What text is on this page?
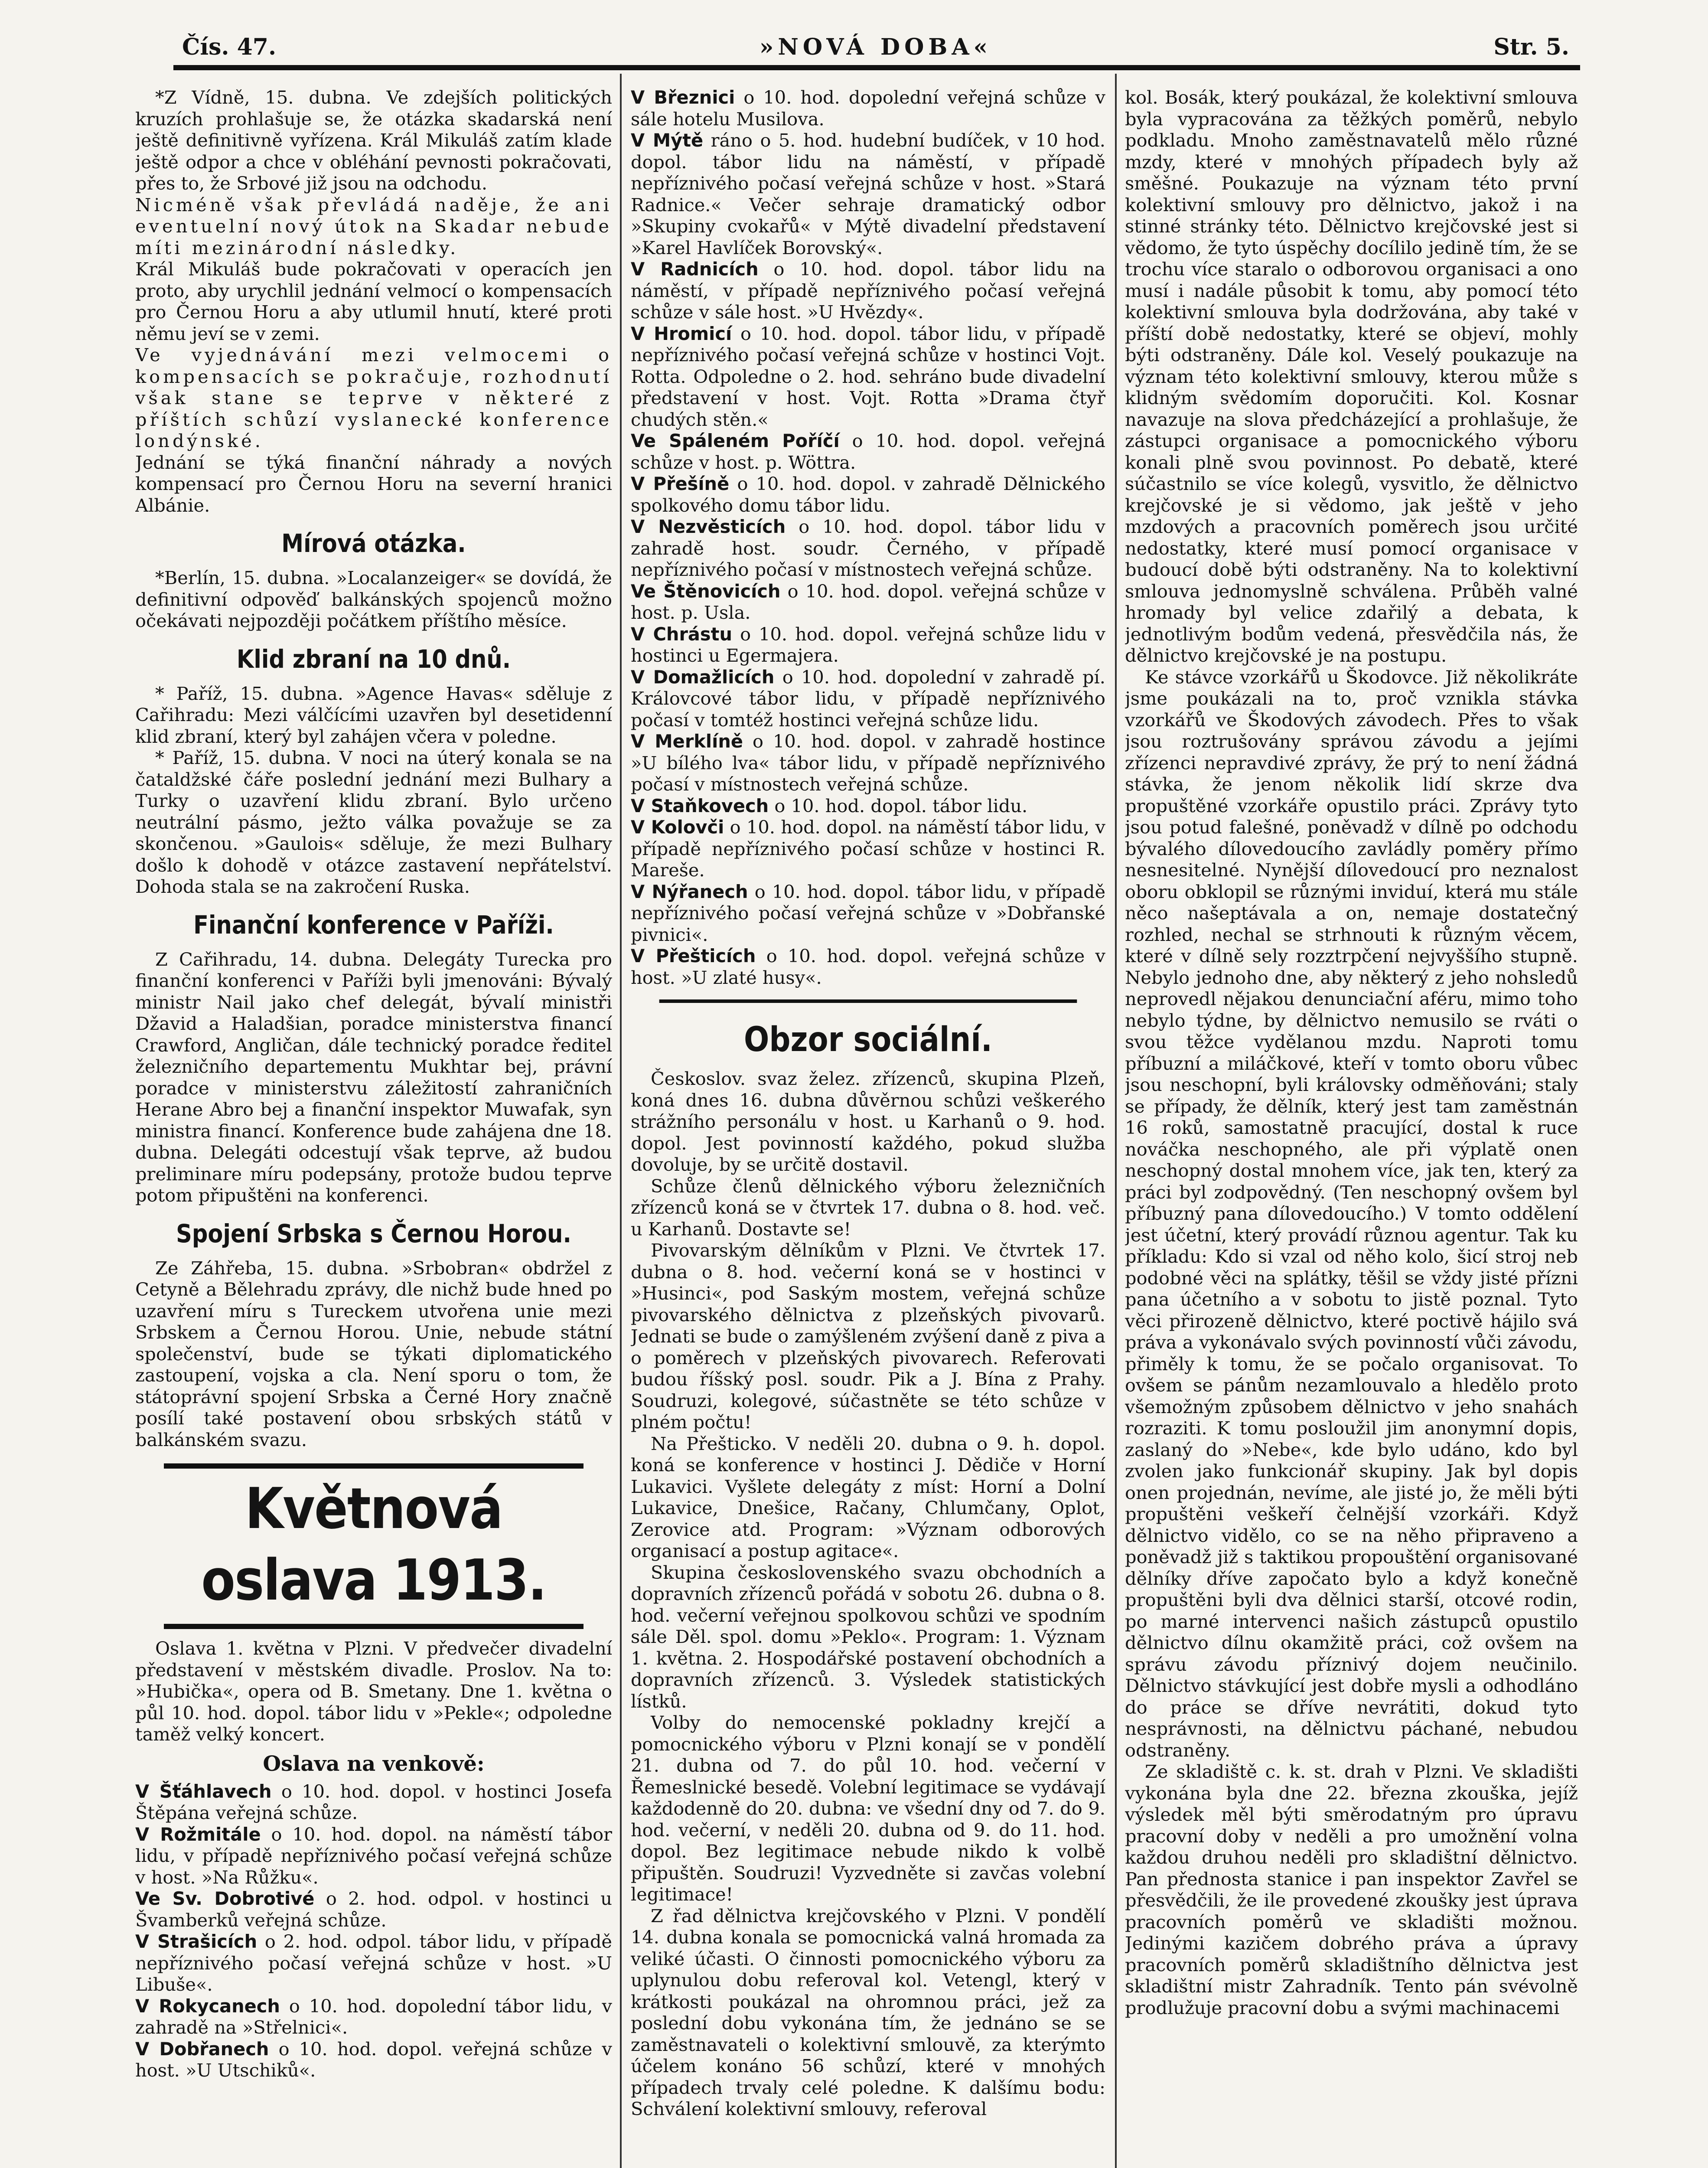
Čís. 47.	»NOVÁ DOBA«	Str. 5.

*Z Vídně, 15. dubna. Ve zdejších politických kruzích prohlašuje se, že otázka skadarská není ještě definitivně vyřízena. Král Mikuláš zatím klade ještě odpor a chce v obléhání pevnosti pokračovati, přes to, že Srbové již jsou na odchodu.

Nicméně však převládá naděje, že ani eventuelní nový útok na Skadar nebude míti mezinárodní následky.

Král Mikuláš bude pokračovati v operacích jen proto, aby urychlil jednání velmocí o kompensacích pro Černou Horu a aby utlumil hnutí, které proti němu jeví se v zemi.

Ve vyjednávání mezi velmocemi o kompensacích se pokračuje, rozhodnutí však stane se teprve v některé z příštích schůzí vyslanecké konference londýnské.

Jednání se týká finanční náhrady a nových kompensací pro Černou Horu na severní hranici Albánie.

Mírová otázka.

*Berlín, 15. dubna. »Localanzeiger« se dovídá, že definitivní odpověď balkánských spojenců možno očekávati nejpozději počátkem příštího měsíce.

Klid zbraní na 10 dnů.

* Paříž, 15. dubna. »Agence Havas« sděluje z Cařihradu: Mezi válčícími uzavřen byl desetidenní klid zbraní, který byl zahájen včera v poledne.

* Paříž, 15. dubna. V noci na úterý konala se na čataldžské čáře poslední jednání mezi Bulhary a Turky o uzavření klidu zbraní. Bylo určeno neutrální pásmo, ježto válka považuje se za skončenou. »Gaulois« sděluje, že mezi Bulhary došlo k dohodě v otázce zastavení nepřátelství. Dohoda stala se na zakročení Ruska.

Finanční konference v Paříži.

Z Cařihradu, 14. dubna. Delegáty Turecka pro finanční konferenci v Paříži byli jmenováni: Bývalý ministr Nail jako chef delegát, bývalí ministři Džavid a Haladšian, poradce ministerstva financí Crawford, Angličan, dále technický poradce ředitel železničního departementu Mukhtar bej, právní poradce v ministerstvu záležitostí zahraničních Herane Abro bej a finanční inspektor Muwafak, syn ministra financí. Konference bude zahájena dne 18. dubna. Delegáti odcestují však teprve, až budou preliminare míru podepsány, protože budou teprve potom připuštěni na konferenci.

Spojení Srbska s Černou Horou.

Ze Záhřeba, 15. dubna. »Srbobran« obdržel z Cetyně a Bělehradu zprávy, dle nichž bude hned po uzavření míru s Tureckem utvořena unie mezi Srbskem a Černou Horou. Unie, nebude státní společenství, bude se týkati diplomatického zastoupení, vojska a cla. Není sporu o tom, že státoprávní spojení Srbska a Černé Hory značně posílí také postavení obou srbských států v balkánském svazu.

Květnová oslava 1913.

Oslava 1. května v Plzni. V předvečer divadelní představení v městském divadle. Proslov. Na to: »Hubička«, opera od B. Smetany. Dne 1. května o půl 10. hod. dopol. tábor lidu v »Pekle«; odpoledne taměž velký koncert.

Oslava na venkově:

V Šťáhlavech o 10. hod. dopol. v hostinci Josefa Štěpána veřejná schůze.

V Rožmitále o 10. hod. dopol. na náměstí tábor lidu, v případě nepříznivého počasí veřejná schůze v host. »Na Růžku«.

Ve Sv. Dobrotivé o 2. hod. odpol. v hostinci u Švamberků veřejná schůze.

V Strašicích o 2. hod. odpol. tábor lidu, v případě nepříznivého počasí veřejná schůze v host. »U Libuše«.

V Rokycanech o 10. hod. dopolední tábor lidu, v zahradě na »Střelnici«.

V Dobřanech o 10. hod. dopol. veřejná schůze v host. »U Utschiků«.

V Březnici o 10. hod. dopolední veřejná schůze v sále hotelu Musilova.

V Mýtě ráno o 5. hod. hudební budíček, v 10 hod. dopol. tábor lidu na náměstí, v případě nepříznivého počasí veřejná schůze v host. »Stará Radnice.« Večer sehraje dramatický odbor »Skupiny cvokařů« v Mýtě divadelní představení »Karel Havlíček Borovský«.

V Radnicích o 10. hod. dopol. tábor lidu na náměstí, v případě nepříznivého počasí veřejná schůze v sále host. »U Hvězdy«.

V Hromicí o 10. hod. dopol. tábor lidu, v případě nepříznivého počasí veřejná schůze v hostinci Vojt. Rotta. Odpoledne o 2. hod. sehráno bude divadelní představení v host. Vojt. Rotta »Drama čtyř chudých stěn.«

Ve Spáleném Poříčí o 10. hod. dopol. veřejná schůze v host. p. Wöttra.

V Přešíně o 10. hod. dopol. v zahradě Dělnického spolkového domu tábor lidu.

V Nezvěsticích o 10. hod. dopol. tábor lidu v zahradě host. soudr. Černého, v případě nepříznivého počasí v místnostech veřejná schůze.

Ve Štěnovicích o 10. hod. dopol. veřejná schůze v host. p. Usla.

V Chrástu o 10. hod. dopol. veřejná schůze lidu v hostinci u Egermajera.

V Domažlicích o 10. hod. dopolední v zahradě pí. Královcové tábor lidu, v případě nepříznivého počasí v tomtéž hostinci veřejná schůze lidu.

V Merklíně o 10. hod. dopol. v zahradě hostince »U bílého lva« tábor lidu, v případě nepříznivého počasí v místnostech veřejná schůze.

V Staňkovech o 10. hod. dopol. tábor lidu.

V Kolovči o 10. hod. dopol. na náměstí tábor lidu, v případě nepříznivého počasí schůze v hostinci R. Mareše.

V Nýřanech o 10. hod. dopol. tábor lidu, v případě nepříznivého počasí veřejná schůze v »Dobřanské pivnici«.

V Přešticích o 10. hod. dopol. veřejná schůze v host. »U zlaté husy«.

Obzor sociální.

Českoslov. svaz želez. zřízenců, skupina Plzeň, koná dnes 16. dubna důvěrnou schůzi veškerého strážního personálu v host. u Karhanů o 9. hod. dopol. Jest povinností každého, pokud služba dovoluje, by se určitě dostavil.

Schůze členů dělnického výboru železničních zřízenců koná se v čtvrtek 17. dubna o 8. hod. več. u Karhanů. Dostavte se!

Pivovarským dělníkům v Plzni. Ve čtvrtek 17. dubna o 8. hod. večerní koná se v hostinci v »Husinci«, pod Saským mostem, veřejná schůze pivovarského dělnictva z plzeňských pivovarů. Jednati se bude o zamýšleném zvýšení daně z piva a o poměrech v plzeňských pivovarech. Referovati budou říšský posl. soudr. Pik a J. Bína z Prahy. Soudruzi, kolegové, súčastněte se této schůze v plném počtu!

Na Přešticko. V neděli 20. dubna o 9. h. dopol. koná se konference v hostinci J. Dědiče v Horní Lukavici. Vyšlete delegáty z míst: Horní a Dolní Lukavice, Dnešice, Račany, Chlumčany, Oplot, Zerovice atd. Program: »Význam odborových organisací a postup agitace«.

Skupina československého svazu obchodních a dopravních zřízenců pořádá v sobotu 26. dubna o 8. hod. večerní veřejnou spolkovou schůzi ve spodním sále Děl. spol. domu »Peklo«. Program: 1. Význam 1. května. 2. Hospodářské postavení obchodních a dopravních zřízenců. 3. Výsledek statistických lístků.

Volby do nemocenské pokladny krejčí a pomocnického výboru v Plzni konají se v pondělí 21. dubna od 7. do půl 10. hod. večerní v Řemeslnické besedě. Volební legitimace se vydávají každodenně do 20. dubna: ve všední dny od 7. do 9. hod. večerní, v neděli 20. dubna od 9. do 11. hod. dopol. Bez legitimace nebude nikdo k volbě připuštěn. Soudruzi! Vyzvedněte si zavčas volební legitimace!

Z řad dělnictva krejčovského v Plzni. V pondělí 14. dubna konala se pomocnická valná hromada za veliké účasti. O činnosti pomocnického výboru za uplynulou dobu referoval kol. Vetengl, který v krátkosti poukázal na ohromnou práci, jež za poslední dobu vykonána tím, že jednáno se se zaměstnavateli o kolektivní smlouvě, za kterýmto účelem konáno 56 schůzí, které v mnohých případech trvaly celé poledne. K dalšímu bodu: Schválení kolektivní smlouvy, referoval

kol. Bosák, který poukázal, že kolektivní smlouva byla vypracována za těžkých poměrů, nebylo podkladu. Mnoho zaměstnavatelů mělo různé mzdy, které v mnohých případech byly až směšné. Poukazuje na význam této první kolektivní smlouvy pro dělnictvo, jakož i na stinné stránky této. Dělnictvo krejčovské jest si vědomo, že tyto úspěchy docílilo jedině tím, že se trochu více staralo o odborovou organisaci a ono musí i nadále působit k tomu, aby pomocí této kolektivní smlouva byla dodržována, aby také v příští době nedostatky, které se objeví, mohly býti odstraněny. Dále kol. Veselý poukazuje na význam této kolektivní smlouvy, kterou může s klidným svědomím doporučiti. Kol. Kosnar navazuje na slova předcházející a prohlašuje, že zástupci organisace a pomocnického výboru konali plně svou povinnost. Po debatě, které súčastnilo se více kolegů, vysvitlo, že dělnictvo krejčovské je si vědomo, jak ještě v jeho mzdových a pracovních poměrech jsou určité nedostatky, které musí pomocí organisace v budoucí době býti odstraněny. Na to kolektivní smlouva jednomyslně schválena. Průběh valné hromady byl velice zdařilý a debata, k jednotlivým bodům vedená, přesvědčila nás, že dělnictvo krejčovské je na postupu.

Ke stávce vzorkářů u Škodovce. Již několikráte jsme poukázali na to, proč vznikla stávka vzorkářů ve Škodových závodech. Přes to však jsou roztrušovány správou závodu a jejími zřízenci nepravdivé zprávy, že prý to není žádná stávka, že jenom několik lidí skrze dva propuštěné vzorkáře opustilo práci. Zprávy tyto jsou potud falešné, poněvadž v dílně po odchodu bývalého dílovedoucího zavládly poměry přímo nesnesitelné. Nynější dílovedoucí pro neznalost oboru obklopil se různými inviduí, která mu stále něco našeptávala a on, nemaje dostatečný rozhled, nechal se strhnouti k různým věcem, které v dílně sely rozztrpčení nejvyššího stupně. Nebylo jednoho dne, aby některý z jeho nohsledů neprovedl nějakou denunciační aféru, mimo toho nebylo týdne, by dělnictvo nemusilo se rváti o svou těžce vydělanou mzdu. Naproti tomu příbuzní a miláčkové, kteří v tomto oboru vůbec jsou neschopní, byli královsky odměňováni; staly se případy, že dělník, který jest tam zaměstnán 16 roků, samostatně pracující, dostal k ruce nováčka neschopného, ale při výplatě onen neschopný dostal mnohem více, jak ten, který za práci byl zodpovědný. (Ten neschopný ovšem byl příbuzný pana dílovedoucího.) V tomto oddělení jest účetní, který provádí různou agentur. Tak ku příkladu: Kdo si vzal od něho kolo, šicí stroj neb podobné věci na splátky, těšil se vždy jisté přízni pana účetního a v sobotu to jistě poznal. Tyto věci přirozeně dělnictvo, které poctivě hájilo svá práva a vykonávalo svých povinností vůči závodu, přiměly k tomu, že se počalo organisovat. To ovšem se pánům nezamlouvalo a hledělo proto všemožným způsobem dělnictvo v jeho snahách rozraziti. K tomu posloužil jim anonymní dopis, zaslaný do »Nebe«, kde bylo udáno, kdo byl zvolen jako funkcionář skupiny. Jak byl dopis onen projednán, nevíme, ale jisté jo, že měli býti propuštěni veškeří čelnější vzorkáři. Když dělnictvo vidělo, co se na něho připraveno a poněvadž již s taktikou propouštění organisované dělníky dříve započato bylo a když konečně propuštěni byli dva dělnici starší, otcové rodin, po marné intervenci našich zástupců opustilo dělnictvo dílnu okamžitě práci, což ovšem na správu závodu příznivý dojem neučinilo. Dělnictvo stávkující jest dobře mysli a odhodláno do práce se dříve nevrátiti, dokud tyto nesprávnosti, na dělnictvu páchané, nebudou odstraněny.

Ze skladiště c. k. st. drah v Plzni. Ve skladišti vykonána byla dne 22. března zkouška, jejíž výsledek měl býti směrodatným pro úpravu pracovní doby v neděli a pro umožnění volna každou druhou neděli pro skladištní dělnictvo. Pan přednosta stanice i pan inspektor Zavřel se přesvědčili, že ile provedené zkoušky jest úprava pracovních poměrů ve skladišti možnou. Jedinými kazičem dobrého práva a úpravy pracovních poměrů skladištního dělnictva jest skladištní mistr Zahradník. Tento pán svévolně prodlužuje pracovní dobu a svými machinacemi
